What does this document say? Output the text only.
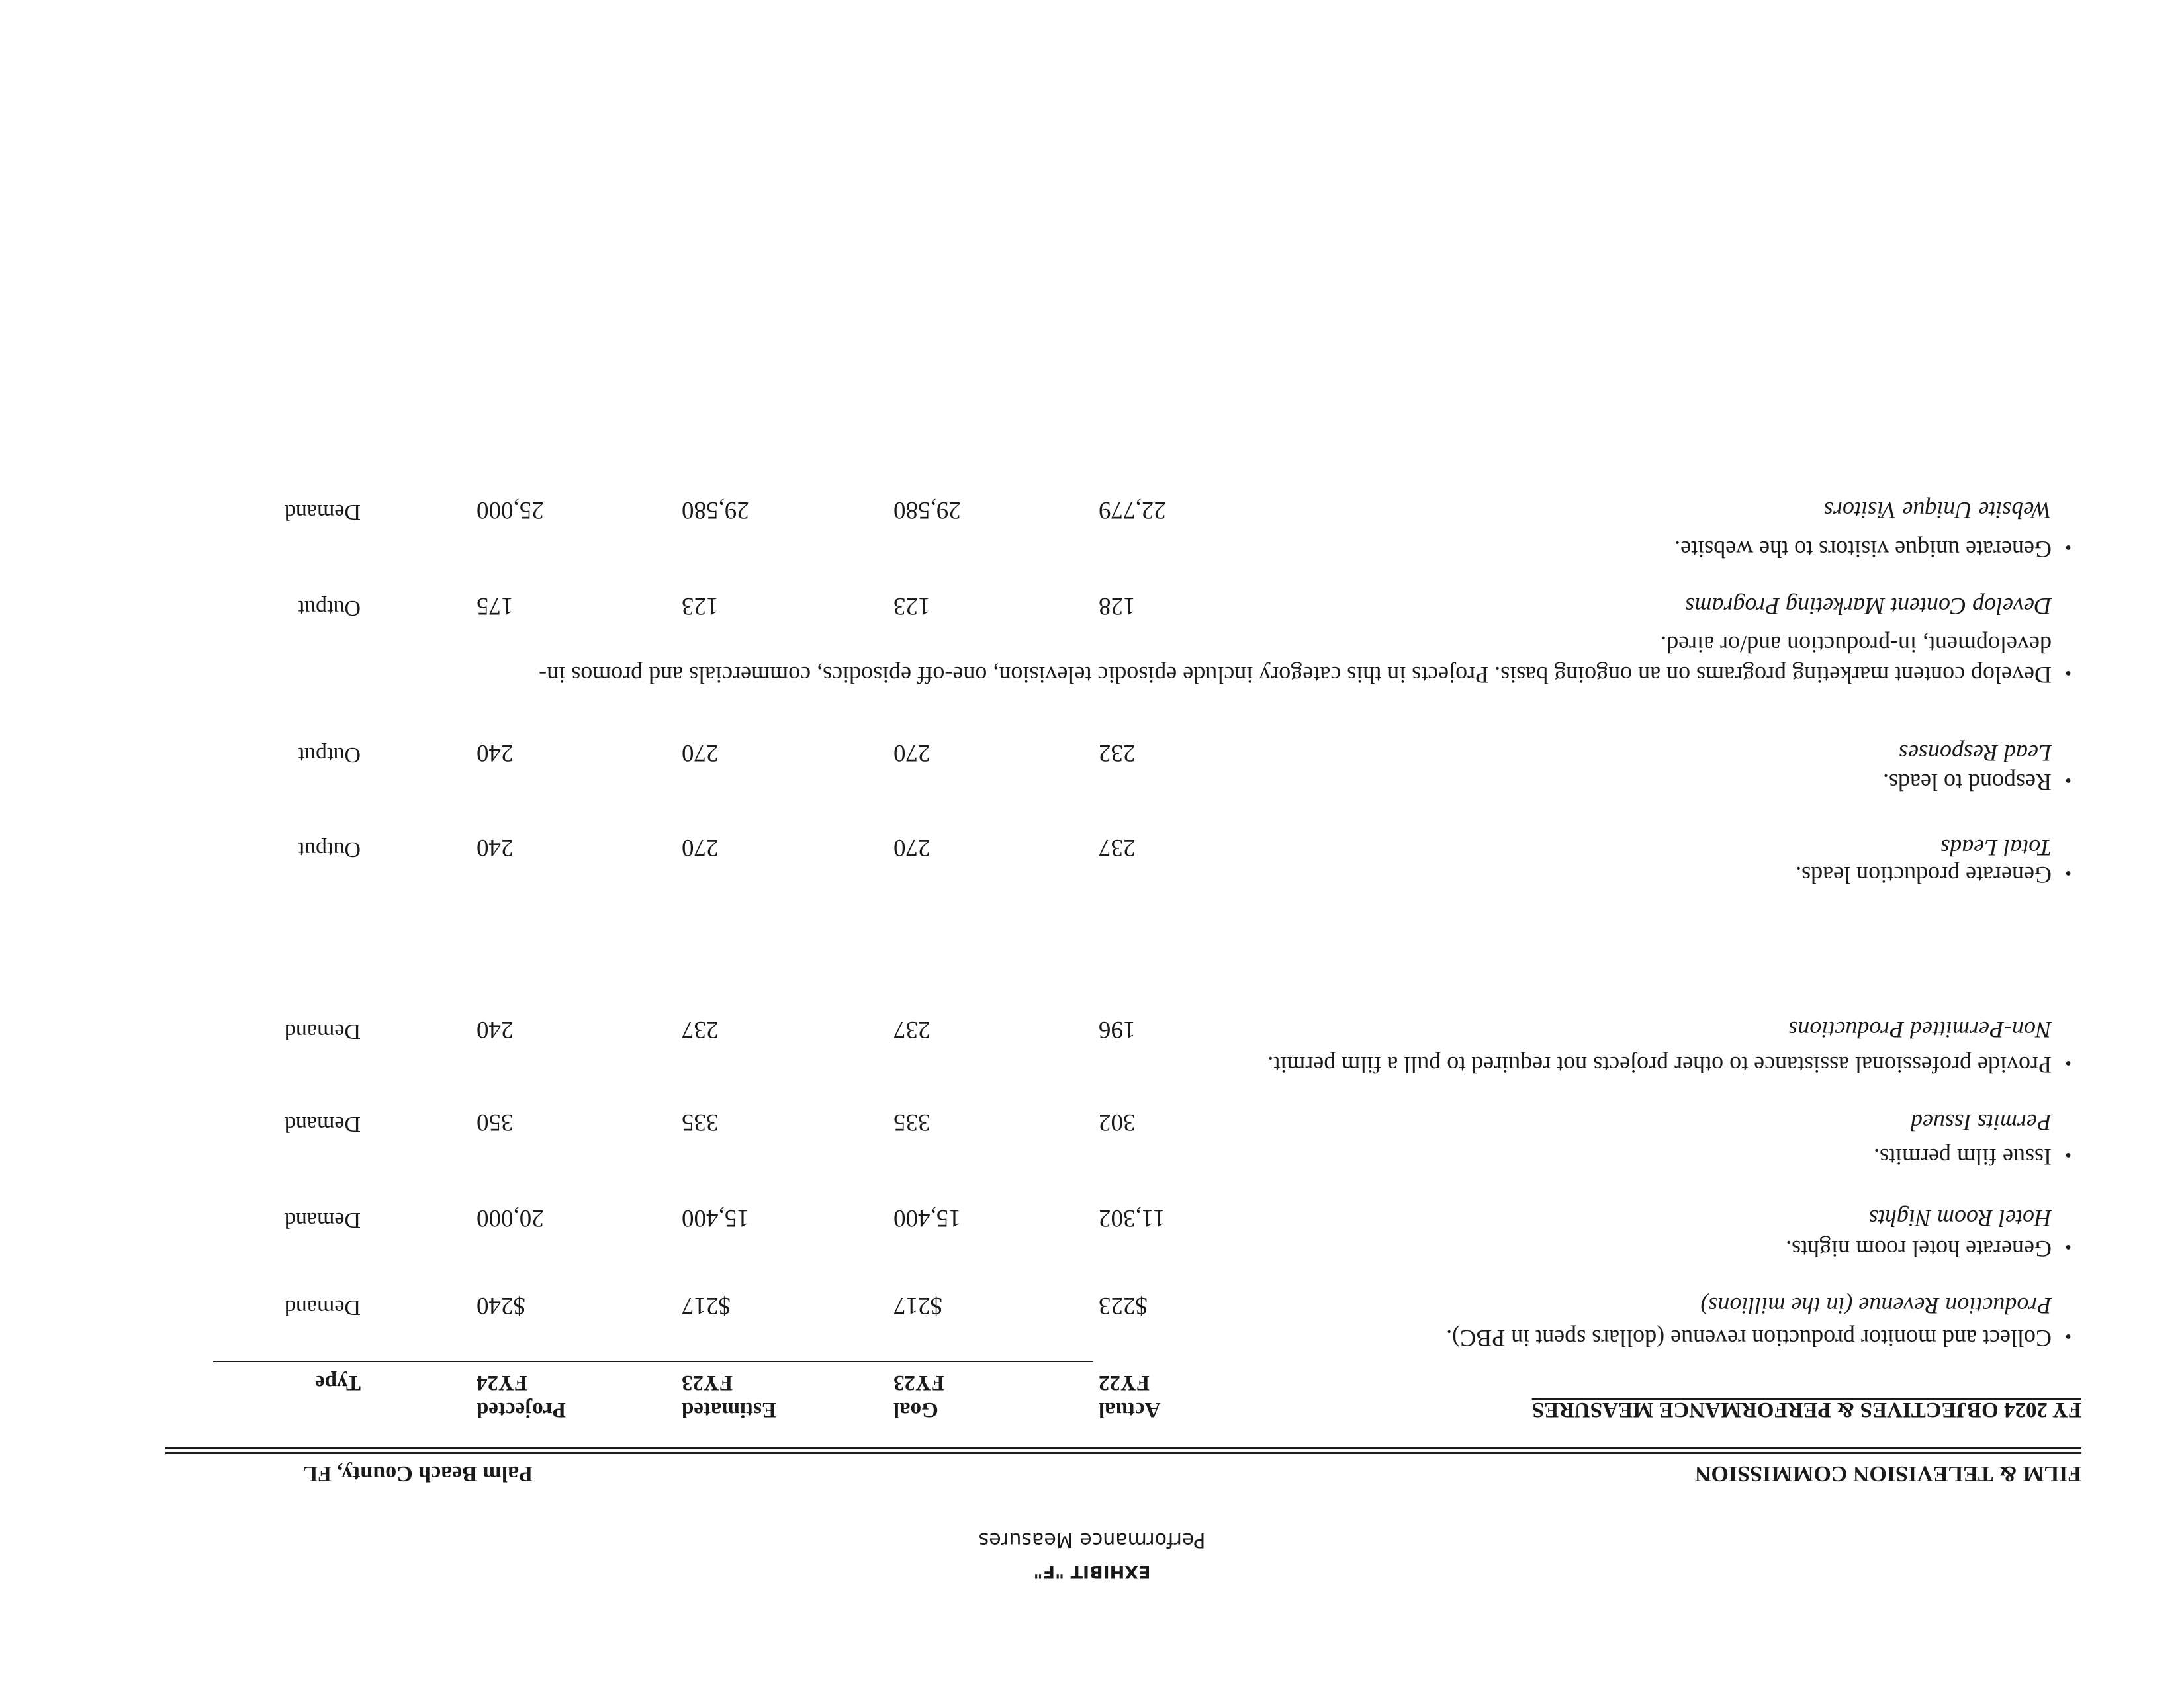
EXHIBIT "F"
Performance Measures
FILM & TELEVISION COMMISSION
Palm Beach County, FL
FY 2024 OBJECTIVES & PERFORMANCE MEASURES
Actual
Goal
Estimated
Projected
FY22
FY23
FY23
FY24
Type
•Collect and monitor production revenue (dollars spent in PBC).
Production Revenue (in the millions)
$223
$217
$217
$240
Demand
•Generate hotel room nights.
Hotel Room Nights
11,302
15,400
15,400
20,000
Demand
•Issue film permits.
Permits Issued
302
335
335
350
Demand
•Provide professional assistance to other projects not required to pull a film permit.
Non-Permitted Productions
196
237
237
240
Demand
•Generate production leads.
Total Leads
237
270
270
240
Output
•Respond to leads.
Lead Responses
232
270
270
240
Output
•Develop content marketing programs on an ongoing basis. Projects in this category include episodic television, one-off episodics, commercials and promos in-
development, in-production and/or aired.
Develop Content Marketing Programs
128
123
123
175
Output
•Generate unique visitors to the website.
Website Unique Visitors
22,779
29,580
29,580
25,000
Demand
